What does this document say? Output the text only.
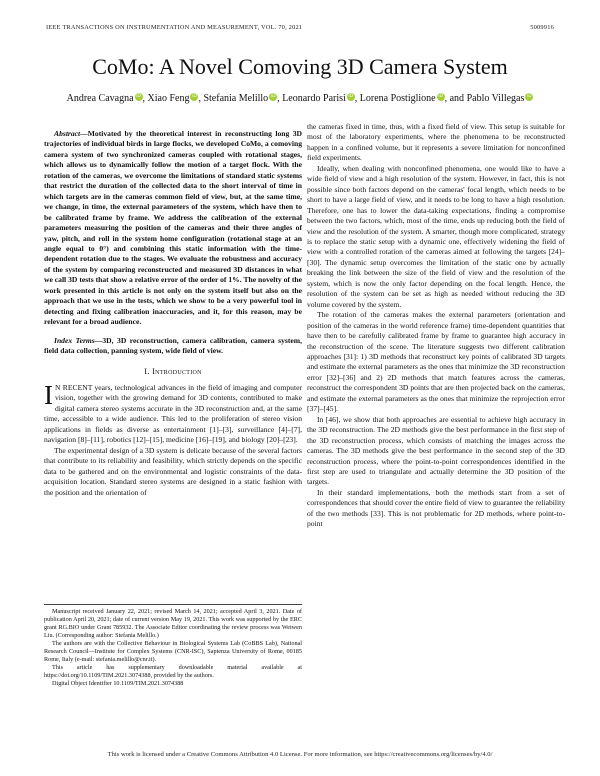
IEEE TRANSACTIONS ON INSTRUMENTATION AND MEASUREMENT, VOL. 70, 2021	5009916
CoMo: A Novel Comoving 3D Camera System
Andrea Cavagna iD , Xiao Feng iD , Stefania Melillo iD , Leonardo Parisi iD , Lorena Postiglione iD , and Pablo Villegas iD

Abstract—Motivated by the theoretical interest in reconstructing long 3D trajectories of individual birds in large flocks, we developed CoMo, a comoving camera system of two synchronized cameras coupled with rotational stages, which allows us to dynamically follow the motion of a target flock. With the rotation of the cameras, we overcome the limitations of standard static systems that restrict the duration of the collected data to the short interval of time in which targets are in the cameras common field of view, but, at the same time, we change, in time, the external parameters of the system, which have then to be calibrated frame by frame. We address the calibration of the external parameters measuring the position of the cameras and their three angles of yaw, pitch, and roll in the system home configuration (rotational stage at an angle equal to 0°) and combining this static information with the time-dependent rotation due to the stages. We evaluate the robustness and accuracy of the system by comparing reconstructed and measured 3D distances in what we call 3D tests that show a relative error of the order of 1%. The novelty of the work presented in this article is not only on the system itself but also on the approach that we use in the tests, which we show to be a very powerful tool in detecting and fixing calibration inaccuracies, and it, for this reason, may be relevant for a broad audience.

Index Terms—3D, 3D reconstruction, camera calibration, camera system, field data collection, panning system, wide field of view.

I. Introduction

I N RECENT years, technological advances in the field of imaging and computer vision, together with the growing demand for 3D contents, contributed to make digital camera stereo systems accurate in the 3D reconstruction and, at the same time, accessible to a wide audience. This led to the proliferation of stereo vision applications in fields as diverse as entertainment [1]–[3], surveillance [4]–[7], navigation [8]–[11], robotics [12]–[15], medicine [16]–[19], and biology [20]–[23].

The experimental design of a 3D system is delicate because of the several factors that contribute to its reliability and feasibility, which strictly depends on the specific data to be gathered and on the environmental and logistic constraints of the data-acquisition location. Standard stereo systems are designed in a static fashion with the position and the orientation of

Manuscript received January 22, 2021; revised March 14, 2021; accepted April 3, 2021. Date of publication April 20, 2021; date of current version May 19, 2021. This work was supported by the ERC grant RG.BIO under Grant 785932. The Associate Editor coordinating the review process was Weiwen Liu. (Corresponding author: Stefania Melillo.)

The authors are with the Collective Behaviour in Biological Systems Lab (CoBBS Lab), National Research Council—Institute for Complex Systems (CNR-ISC), Sapienza University of Rome, 00185 Rome, Italy (e-mail: stefania.melillo@cnr.it).

This article has supplementary downloadable material available at https://doi.org/10.1109/TIM.2021.3074388, provided by the authors.

Digital Object Identifier 10.1109/TIM.2021.3074388

the cameras fixed in time, thus, with a fixed field of view. This setup is suitable for most of the laboratory experiments, where the phenomena to be reconstructed happen in a confined volume, but it represents a severe limitation for nonconfined field experiments.

Ideally, when dealing with nonconfined phenomena, one would like to have a wide field of view and a high resolution of the system. However, in fact, this is not possible since both factors depend on the cameras' focal length, which needs to be short to have a large field of view, and it needs to be long to have a high resolution. Therefore, one has to lower the data-taking expectations, finding a compromise between the two factors, which, most of the time, ends up reducing both the field of view and the resolution of the system. A smarter, though more complicated, strategy is to replace the static setup with a dynamic one, effectively widening the field of view with a controlled rotation of the cameras aimed at following the targets [24]–[30]. The dynamic setup overcomes the limitation of the static one by actually breaking the link between the size of the field of view and the resolution of the system, which is now the only factor depending on the focal length. Hence, the resolution of the system can be set as high as needed without reducing the 3D volume covered by the system.

The rotation of the cameras makes the external parameters (orientation and position of the cameras in the world reference frame) time-dependent quantities that have then to be carefully calibrated frame by frame to guarantee high accuracy in the reconstruction of the scene. The literature suggests two different calibration approaches [31]: 1) 3D methods that reconstruct key points of calibrated 3D targets and estimate the external parameters as the ones that minimize the 3D reconstruction error [32]–[36] and 2) 2D methods that match features across the cameras, reconstruct the correspondent 3D points that are then projected back on the cameras, and estimate the external parameters as the ones that minimize the reprojection error [37]–[45].

In [46], we show that both approaches are essential to achieve high accuracy in the 3D reconstruction. The 2D methods give the best performance in the first step of the 3D reconstruction process, which consists of matching the images across the cameras. The 3D methods give the best performance in the second step of the 3D reconstruction process, where the point-to-point correspondences identified in the first step are used to triangulate and actually determine the 3D position of the targets.

In their standard implementations, both the methods start from a set of correspondences that should cover the entire field of view to guarantee the reliability of the two methods [33]. This is not problematic for 2D methods, where point-to-point

This work is licensed under a Creative Commons Attribution 4.0 License. For more information, see https://creativecommons.org/licenses/by/4.0/
